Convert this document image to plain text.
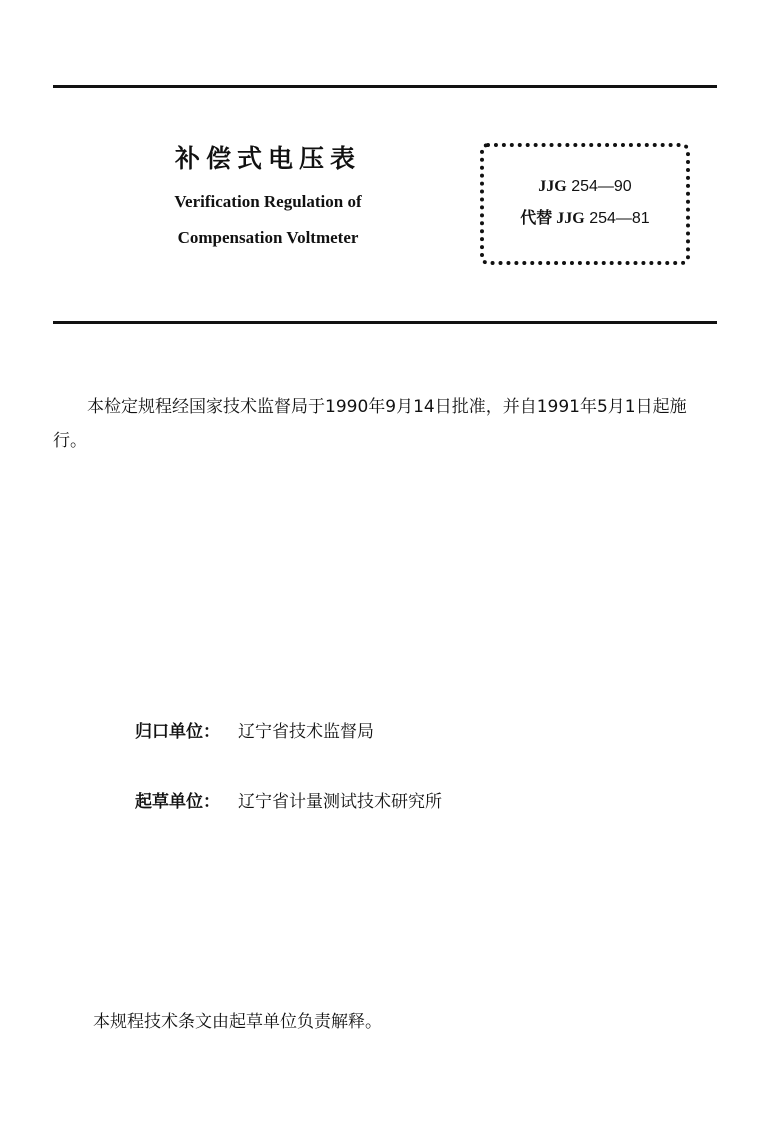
补偿式电压表
Verification Regulation of
Compensation Voltmeter
JJG 254—90
代替 JJG 254—81
本检定规程经国家技术监督局于1990年9月14日批准，并自1991年5月1日起施行。
归口单位： 辽宁省技术监督局
起草单位： 辽宁省计量测试技术研究所
本规程技术条文由起草单位负责解释。
